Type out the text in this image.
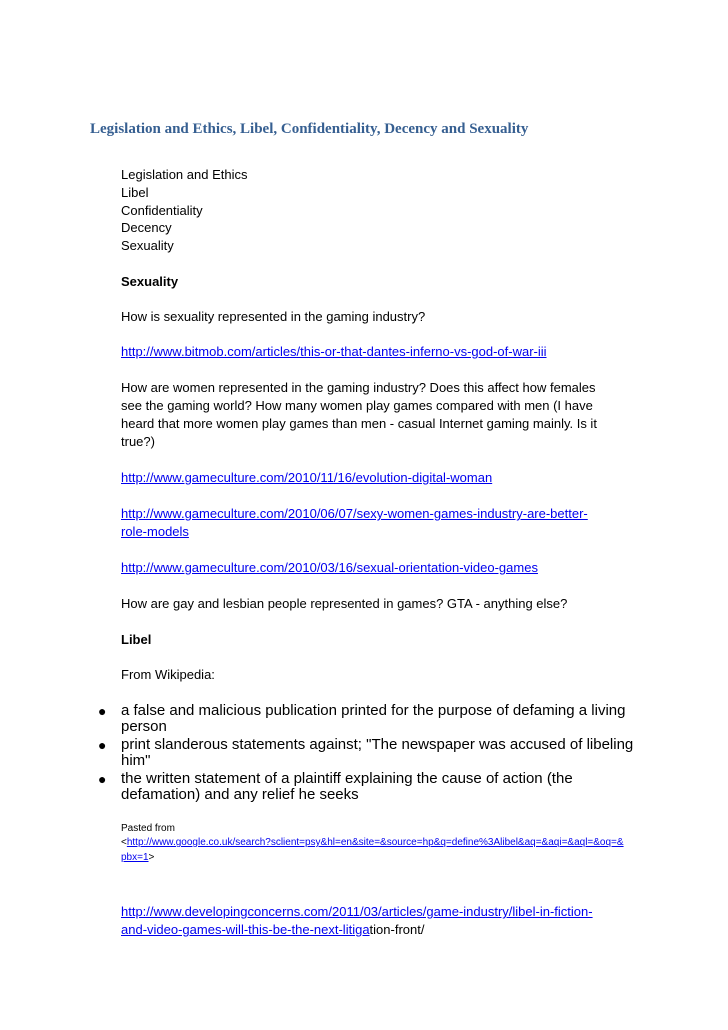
Legislation and Ethics, Libel, Confidentiality, Decency and Sexuality

Legislation and Ethics

Libel

Confidentiality

Decency

Sexuality

Sexuality

How is sexuality represented in the gaming industry?

http://www.bitmob.com/articles/this-or-that-dantes-inferno-vs-god-of-war-iii

How are women represented in the gaming industry? Does this affect how females

see the gaming world? How many women play games compared with men (I have

heard that more women play games than men - casual Internet gaming mainly. Is it

true?)

http://www.gameculture.com/2010/11/16/evolution-digital-woman

http://www.gameculture.com/2010/06/07/sexy-women-games-industry-are-better-

role-models

http://www.gameculture.com/2010/03/16/sexual-orientation-video-games

How are gay and lesbian people represented in games? GTA - anything else?

Libel

From Wikipedia:

● a false and malicious publication printed for the purpose of defaming a living person
● print slanderous statements against; "The newspaper was accused of libeling him"
● the written statement of a plaintiff explaining the cause of action (the defamation) and any relief he seeks

Pasted from

<http://www.google.co.uk/search?sclient=psy&hl=en&site=&source=hp&q=define%3Alibel&aq=&aqi=&aql=&oq=&

pbx=1>

http://www.developingconcerns.com/2011/03/articles/game-industry/libel-in-fiction-

and-video-games-will-this-be-the-next-litigation-front/
